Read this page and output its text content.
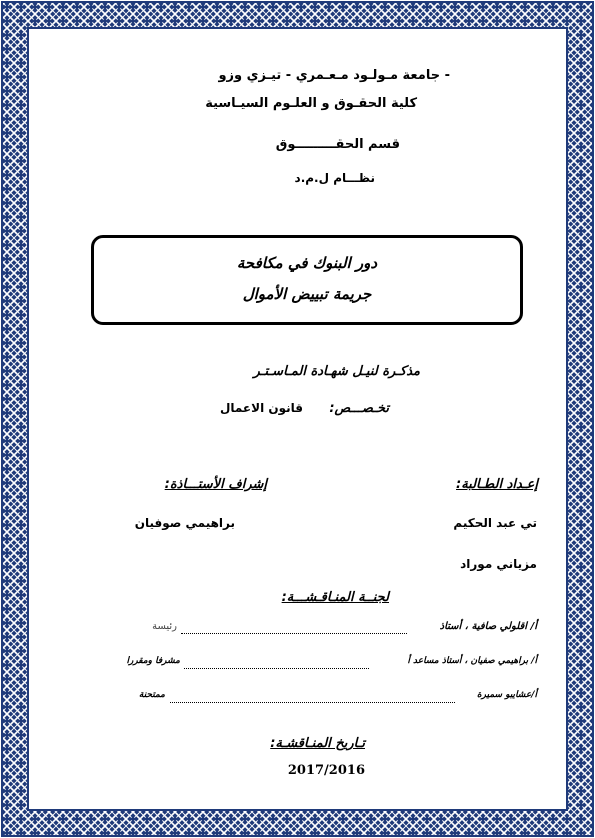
- جامعة مـولـود مـعـمري - تيـزي وزو
كلية الحقـوق و العلـوم السيـاسية
قسم الحقـــــــــوق
نظـــام ل.م.د
دور البنوك في مكافحة
جريمة تبييض الأموال
مذكـرة لنيـل شهـادة المـاسـتـر
تخـصـــص:
قانون الاعمال
إعـداد الطـالبة:
إشراف الأستـــاذة:
تي عبد الحكيم
براهيمي صوفيان
مزياني موراد
لجنــة المنـاقـشـــة:
أ/ اقلولي صافية ، أستاذ
رئيسة
أ/ براهيمي صفيان ، أستاذ مساعد أ
مشرفا ومقررا
أ/عشايبو سميرة
ممتحنة
تـاريخ المنـاقشـة:
2017/2016
